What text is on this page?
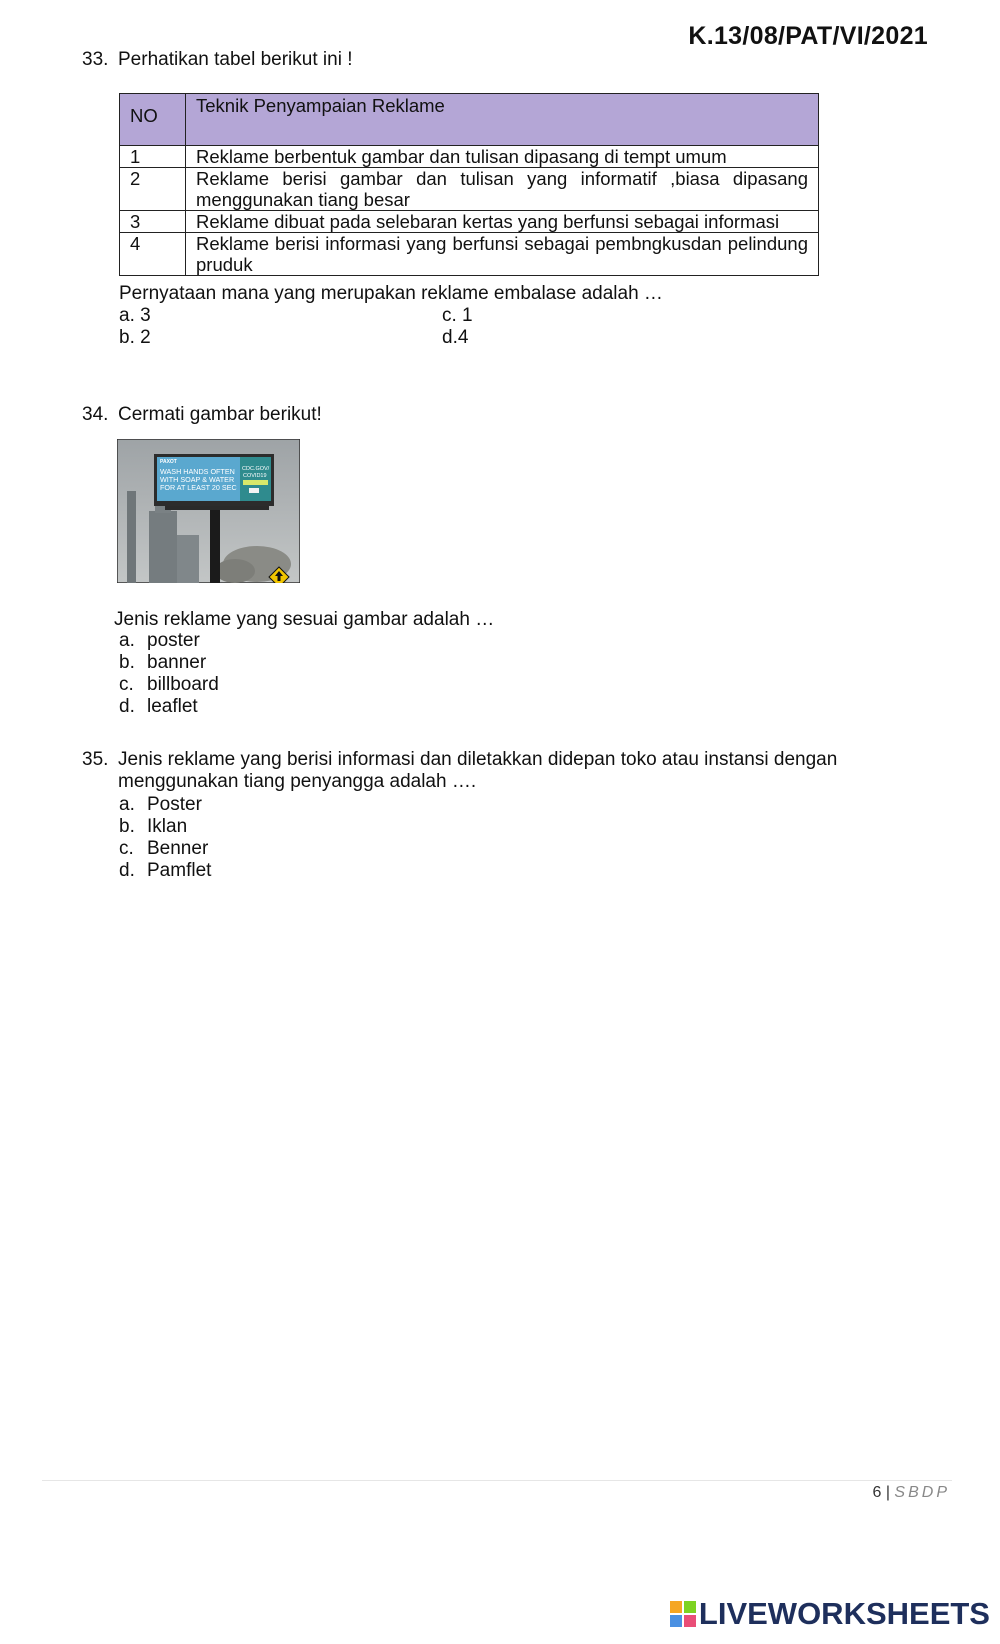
K.13/08/PAT/VI/2021
33. Perhatikan tabel berikut ini !
NO	Teknik Penyampaian Reklame
1	Reklame berbentuk gambar dan tulisan dipasang di tempt umum
2	Reklame berisi gambar dan tulisan yang informatif ,biasa dipasang menggunakan tiang besar
3	Reklame dibuat pada selebaran kertas yang berfunsi sebagai informasi
4	Reklame berisi informasi yang berfunsi sebagai pembngkusdan pelindung pruduk
Pernyataan mana yang merupakan reklame embalase adalah …
a. 3	c. 1
b. 2	d.4
34. Cermati gambar berikut!
PAXOT
WASH HANDS OFTEN
WITH SOAP & WATER
FOR AT LEAST 20 SEC
CDC.GOV/
COVID19
Jenis reklame yang sesuai gambar adalah …
a. poster
b. banner
c. billboard
d. leaflet
35. Jenis reklame yang berisi informasi dan diletakkan didepan toko atau instansi dengan
menggunakan tiang penyangga adalah ….
a. Poster
b. Iklan
c. Benner
d. Pamflet
6 | SBDP
LIVEWORKSHEETS
